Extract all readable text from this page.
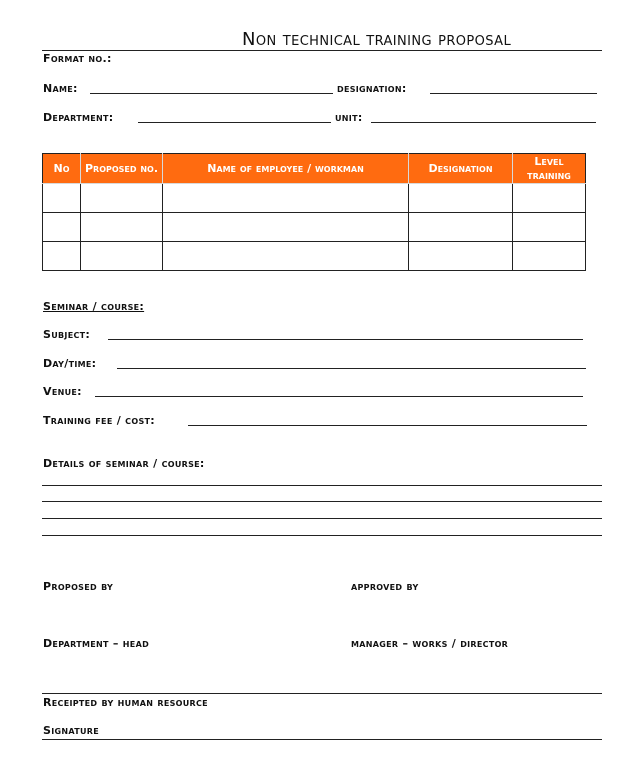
Non technical training proposal
Format no.:
Name:	designation:
Department:	unit:
No	Proposed no.	Name of employee / workman	Designation	Level training

Seminar / course:
Subject:
Day/time:
Venue:
Training fee / cost:
Details of seminar / course:
Proposed by	approved by
Department – head	manager – works / director
Receipted by human resource
Signature
